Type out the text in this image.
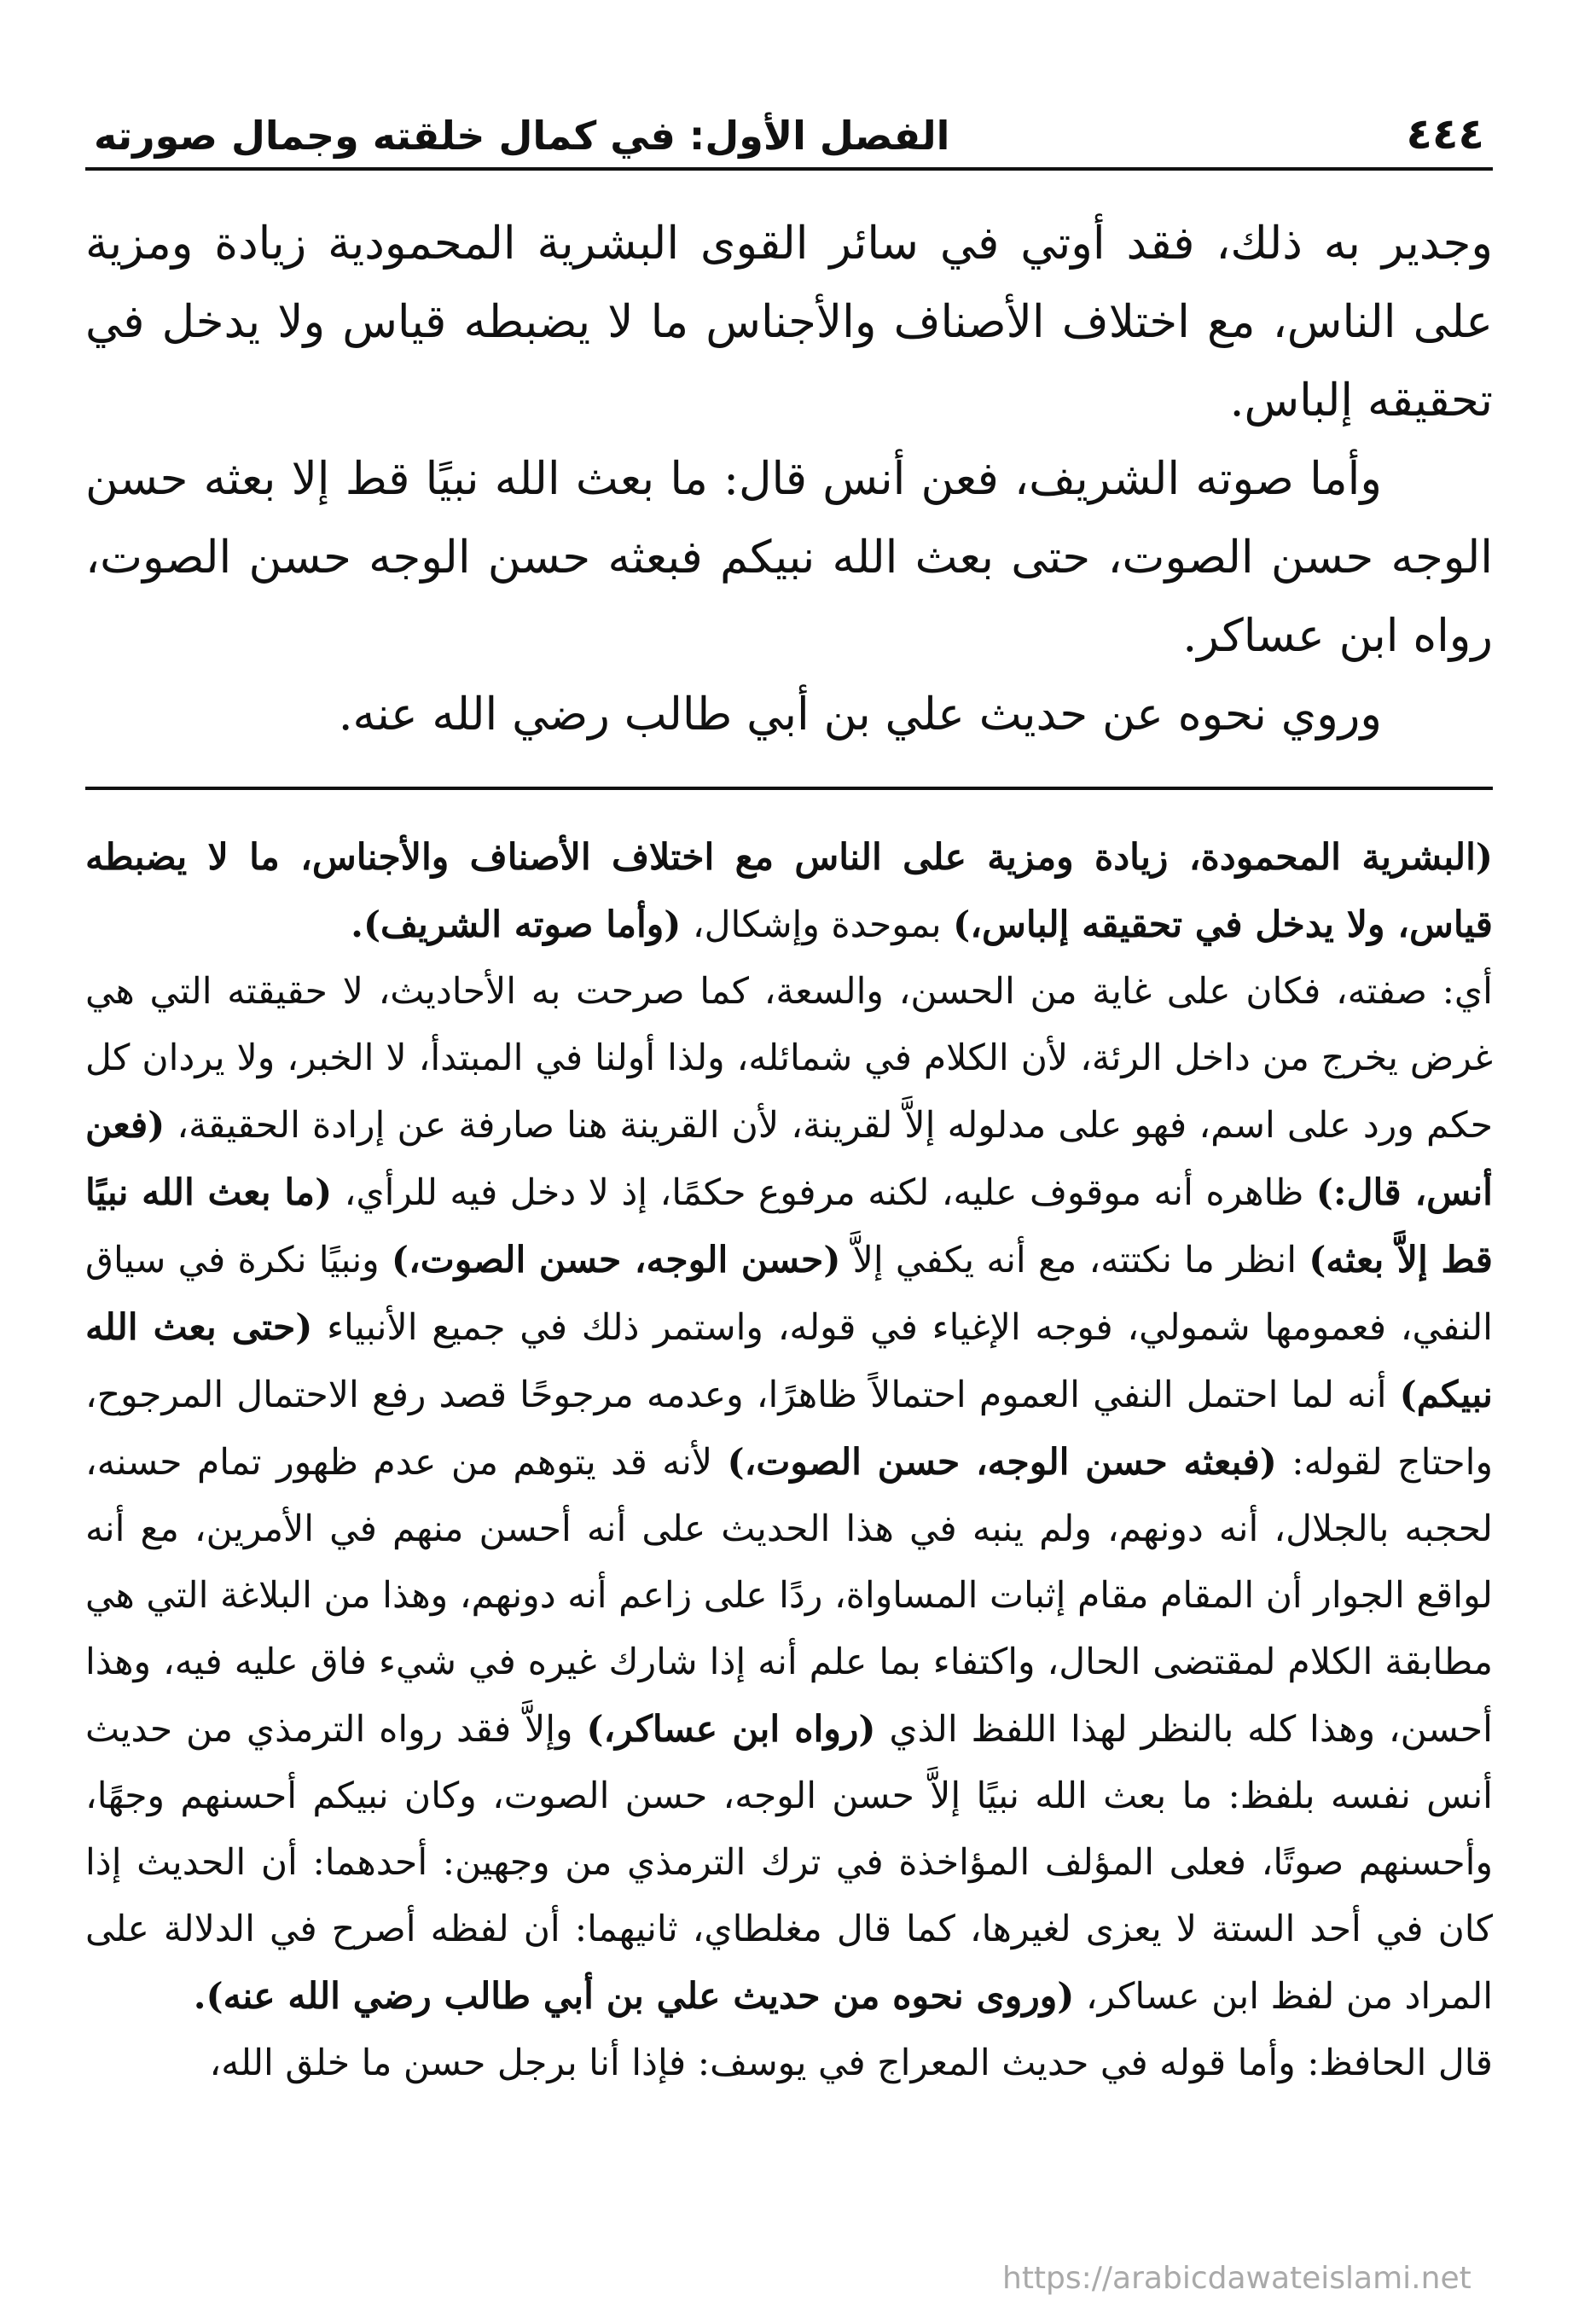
٤٤٤
الفصل الأول: في كمال خلقته وجمال صورته

وجدير به ذلك، فقد أوتي في سائر القوى البشرية المحمودية زيادة ومزية على الناس، مع اختلاف الأصناف والأجناس ما لا يضبطه قياس ولا يدخل في تحقيقه إلباس.

وأما صوته الشريف، فعن أنس قال: ما بعث الله نبيًا قط إلا بعثه حسن الوجه حسن الصوت، حتى بعث الله نبيكم فبعثه حسن الوجه حسن الصوت، رواه ابن عساكر.

وروي نحوه عن حديث علي بن أبي طالب رضي الله عنه.

(البشرية المحمودة، زيادة ومزية على الناس مع اختلاف الأصناف والأجناس، ما لا يضبطه قياس، ولا يدخل في تحقيقه إلباس،) بموحدة وإشكال، (وأما صوته الشريف).

أي: صفته، فكان على غاية من الحسن، والسعة، كما صرحت به الأحاديث، لا حقيقته التي هي غرض يخرج من داخل الرئة، لأن الكلام في شمائله، ولذا أولنا في المبتدأ، لا الخبر، ولا يردان كل حكم ورد على اسم، فهو على مدلوله إلاَّ لقرينة، لأن القرينة هنا صارفة عن إرادة الحقيقة، (فعن أنس، قال:) ظاهره أنه موقوف عليه، لكنه مرفوع حكمًا، إذ لا دخل فيه للرأي، (ما بعث الله نبيًا قط إلاَّ بعثه) انظر ما نكتته، مع أنه يكفي إلاَّ (حسن الوجه، حسن الصوت،) ونبيًا نكرة في سياق النفي، فعمومها شمولي، فوجه الإغياء في قوله، واستمر ذلك في جميع الأنبياء (حتى بعث الله نبيكم) أنه لما احتمل النفي العموم احتمالاً ظاهرًا، وعدمه مرجوحًا قصد رفع الاحتمال المرجوح، واحتاج لقوله: (فبعثه حسن الوجه، حسن الصوت،) لأنه قد يتوهم من عدم ظهور تمام حسنه، لحجبه بالجلال، أنه دونهم، ولم ينبه في هذا الحديث على أنه أحسن منهم في الأمرين، مع أنه لواقع الجوار أن المقام مقام إثبات المساواة، ردًا على زاعم أنه دونهم، وهذا من البلاغة التي هي مطابقة الكلام لمقتضى الحال، واكتفاء بما علم أنه إذا شارك غيره في شيء فاق عليه فيه، وهذا أحسن، وهذا كله بالنظر لهذا اللفظ الذي (رواه ابن عساكر،) وإلاَّ فقد رواه الترمذي من حديث أنس نفسه بلفظ: ما بعث الله نبيًا إلاَّ حسن الوجه، حسن الصوت، وكان نبيكم أحسنهم وجهًا، وأحسنهم صوتًا، فعلى المؤلف المؤاخذة في ترك الترمذي من وجهين: أحدهما: أن الحديث إذا كان في أحد الستة لا يعزى لغيرها، كما قال مغلطاي، ثانيهما: أن لفظه أصرح في الدلالة على المراد من لفظ ابن عساكر، (وروى نحوه من حديث علي بن أبي طالب رضي الله عنه).

قال الحافظ: وأما قوله في حديث المعراج في يوسف: فإذا أنا برجل حسن ما خلق الله،

https://arabicdawateislami.net
